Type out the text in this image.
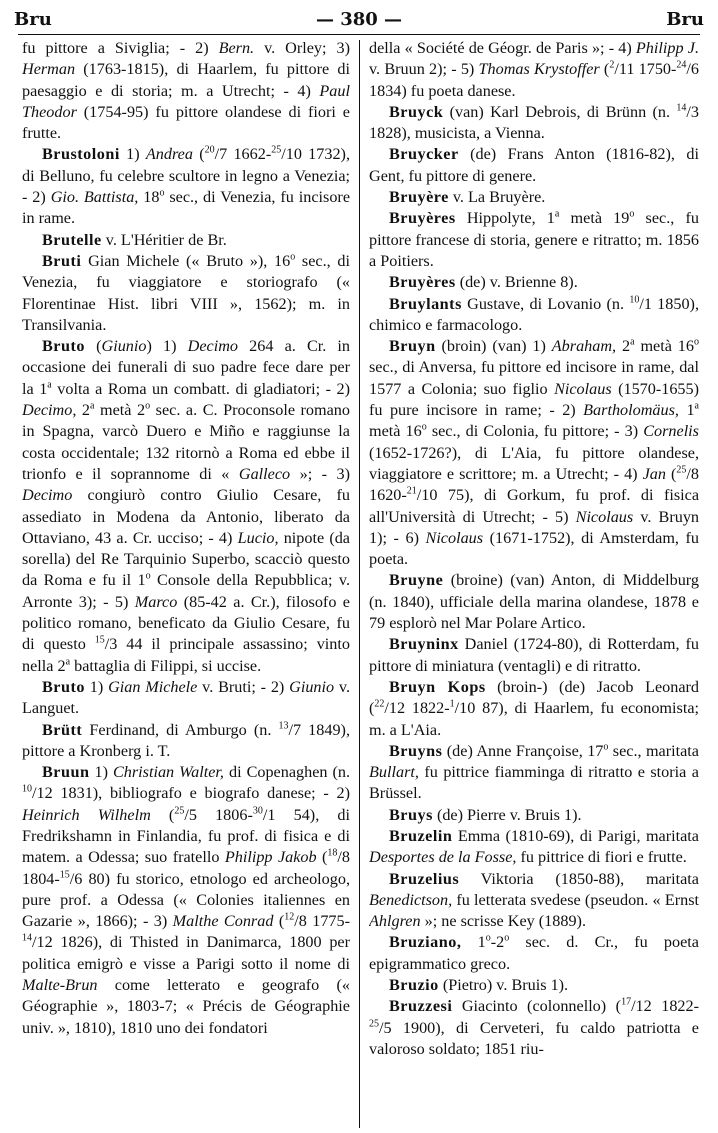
Bru	— 380 —	Bru

fu pittore a Siviglia; - 2) Bern. v. Orley; 3) Herman (1763-1815), di Haarlem, fu pittore di paesaggio e di storia; m. a Utrecht; - 4) Paul Theodor (1754-95) fu pittore olandese di fiori e frutte.

Brustoloni 1) Andrea ($^{20}$/7 1662-$^{25}$/10 1732), di Belluno, fu celebre scultore in legno a Venezia; - 2) Gio. Battista, 18$^o$ sec., di Venezia, fu incisore in rame.

Brutelle v. L'Héritier de Br.

Bruti Gian Michele (« Bruto »), 16$^o$ sec., di Venezia, fu viaggiatore e storiografo (« Florentinae Hist. libri VIII », 1562); m. in Transilvania.

Bruto (Giunio) 1) Decimo 264 a. Cr. in occasione dei funerali di suo padre fece dare per la 1$^a$ volta a Roma un combatt. di gladiatori; - 2) Decimo, 2$^a$ metà 2$^o$ sec. a. C. Proconsole romano in Spagna, varcò Duero e Miño e raggiunse la costa occidentale; 132 ritornò a Roma ed ebbe il trionfo e il soprannome di « Galleco »; - 3) Decimo congiurò contro Giulio Cesare, fu assediato in Modena da Antonio, liberato da Ottaviano, 43 a. Cr. ucciso; - 4) Lucio, nipote (da sorella) del Re Tarquinio Superbo, scacciò questo da Roma e fu il 1$^o$ Console della Repubblica; v. Arronte 3); - 5) Marco (85-42 a. Cr.), filosofo e politico romano, beneficato da Giulio Cesare, fu di questo $^{15}$/3 44 il principale assassino; vinto nella 2$^a$ battaglia di Filippi, si uccise.

Bruto 1) Gian Michele v. Bruti; - 2) Giunio v. Languet.

Brütt Ferdinand, di Amburgo (n. $^{13}$/7 1849), pittore a Kronberg i. T.

Bruun 1) Christian Walter, di Copenaghen (n. $^{10}$/12 1831), bibliografo e biografo danese; - 2) Heinrich Wilhelm ($^{25}$/5 1806-$^{30}$/1 54), di Fredrikshamn in Finlandia, fu prof. di fisica e di matem. a Odessa; suo fratello Philipp Jakob ($^{18}$/8 1804-$^{15}$/6 80) fu storico, etnologo ed archeologo, pure prof. a Odessa (« Colonies italiennes en Gazarie », 1866); - 3) Malthe Conrad ($^{12}$/8 1775-$^{14}$/12 1826), di Thisted in Danimarca, 1800 per politica emigrò e visse a Parigi sotto il nome di Malte-Brun come letterato e geografo (« Géographie », 1803-7; « Précis de Géographie univ. », 1810), 1810 uno dei fondatori

della « Société de Géogr. de Paris »; - 4) Philipp J. v. Bruun 2); - 5) Thomas Krystoffer ($^2$/11 1750-$^{24}$/6 1834) fu poeta danese.

Bruyck (van) Karl Debrois, di Brünn (n. $^{14}$/3 1828), musicista, a Vienna.

Bruycker (de) Frans Anton (1816-82), di Gent, fu pittore di genere.

Bruyère v. La Bruyère.

Bruyères Hippolyte, 1$^a$ metà 19$^o$ sec., fu pittore francese di storia, genere e ritratto; m. 1856 a Poitiers.

Bruyères (de) v. Brienne 8).

Bruylants Gustave, di Lovanio (n. $^{10}$/1 1850), chimico e farmacologo.

Bruyn (broin) (van) 1) Abraham, 2$^a$ metà 16$^o$ sec., di Anversa, fu pittore ed incisore in rame, dal 1577 a Colonia; suo figlio Nicolaus (1570-1655) fu pure incisore in rame; - 2) Bartholomäus, 1$^a$ metà 16$^o$ sec., di Colonia, fu pittore; - 3) Cornelis (1652-1726?), di L'Aia, fu pittore olandese, viaggiatore e scrittore; m. a Utrecht; - 4) Jan ($^{25}$/8 1620-$^{21}$/10 75), di Gorkum, fu prof. di fisica all'Università di Utrecht; - 5) Nicolaus v. Bruyn 1); - 6) Nicolaus (1671-1752), di Amsterdam, fu poeta.

Bruyne (broine) (van) Anton, di Middelburg (n. 1840), ufficiale della marina olandese, 1878 e 79 esplorò nel Mar Polare Artico.

Bruyninx Daniel (1724-80), di Rotterdam, fu pittore di miniatura (ventagli) e di ritratto.

Bruyn Kops (broin-) (de) Jacob Leonard ($^{22}$/12 1822-$^1$/10 87), di Haarlem, fu economista; m. a L'Aia.

Bruyns (de) Anne Françoise, 17$^o$ sec., maritata Bullart, fu pittrice fiamminga di ritratto e storia a Brüssel.

Bruys (de) Pierre v. Bruis 1).

Bruzelin Emma (1810-69), di Parigi, maritata Desportes de la Fosse, fu pittrice di fiori e frutte.

Bruzelius Viktoria (1850-88), maritata Benedictson, fu letterata svedese (pseudon. « Ernst Ahlgren »; ne scrisse Key (1889).

Bruziano, 1$^o$-2$^o$ sec. d. Cr., fu poeta epigrammatico greco.

Bruzio (Pietro) v. Bruis 1).

Bruzzesi Giacinto (colonnello) ($^{17}$/12 1822-$^{25}$/5 1900), di Cerveteri, fu caldo patriotta e valoroso soldato; 1851 riu-
